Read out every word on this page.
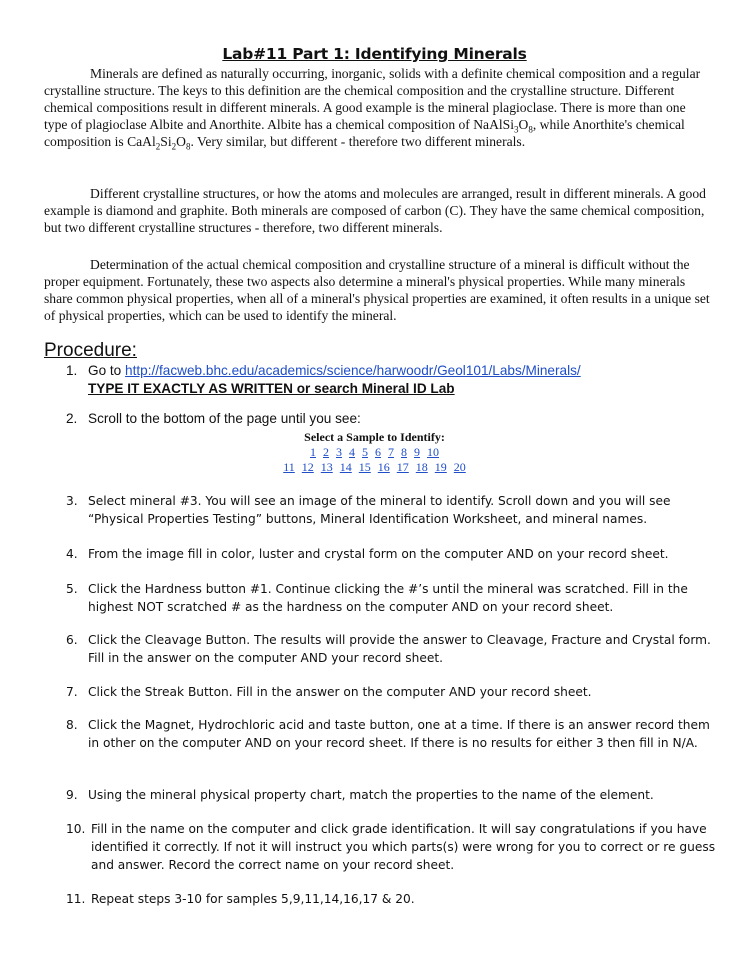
Lab#11 Part 1: Identifying Minerals

Minerals are defined as naturally occurring, inorganic, solids with a definite chemical composition and a regular crystalline structure. The keys to this definition are the chemical composition and the crystalline structure. Different chemical compositions result in different minerals. A good example is the mineral plagioclase. There is more than one type of plagioclase Albite and Anorthite. Albite has a chemical composition of $NaAlSi_3O_8$, while Anorthite's chemical composition is $CaAl_2Si_2O_8$. Very similar, but different - therefore two different minerals.

Different crystalline structures, or how the atoms and molecules are arranged, result in different minerals. A good example is diamond and graphite. Both minerals are composed of carbon (C). They have the same chemical composition, but two different crystalline structures - therefore, two different minerals.

Determination of the actual chemical composition and crystalline structure of a mineral is difficult without the proper equipment. Fortunately, these two aspects also determine a mineral's physical properties. While many minerals share common physical properties, when all of a mineral's physical properties are examined, it often results in a unique set of physical properties, which can be used to identify the mineral.

Procedure:
1. Go to http://facweb.bhc.edu/academics/science/harwoodr/Geol101/Labs/Minerals/
TYPE IT EXACTLY AS WRITTEN or search Mineral ID Lab
2. Scroll to the bottom of the page until you see:

Select a Sample to Identify:

1 2 3 4 5 6 7 8 9 10

11 12 13 14 15 16 17 18 19 20

3. Select mineral #3. You will see an image of the mineral to identify. Scroll down and you will see “Physical Properties Testing” buttons, Mineral Identification Worksheet, and mineral names.
4. From the image fill in color, luster and crystal form on the computer AND on your record sheet.
5. Click the Hardness button #1. Continue clicking the #’s until the mineral was scratched. Fill in the highest NOT scratched # as the hardness on the computer AND on your record sheet.
6. Click the Cleavage Button. The results will provide the answer to Cleavage, Fracture and Crystal form. Fill in the answer on the computer AND your record sheet.
7. Click the Streak Button. Fill in the answer on the computer AND your record sheet.
8. Click the Magnet, Hydrochloric acid and taste button, one at a time. If there is an answer record them in other on the computer AND on your record sheet. If there is no results for either 3 then fill in N/A.
9. Using the mineral physical property chart, match the properties to the name of the element.
10. Fill in the name on the computer and click grade identification. It will say congratulations if you have identified it correctly. If not it will instruct you which parts(s) were wrong for you to correct or re guess and answer. Record the correct name on your record sheet.
11. Repeat steps 3-10 for samples 5,9,11,14,16,17 & 20.
